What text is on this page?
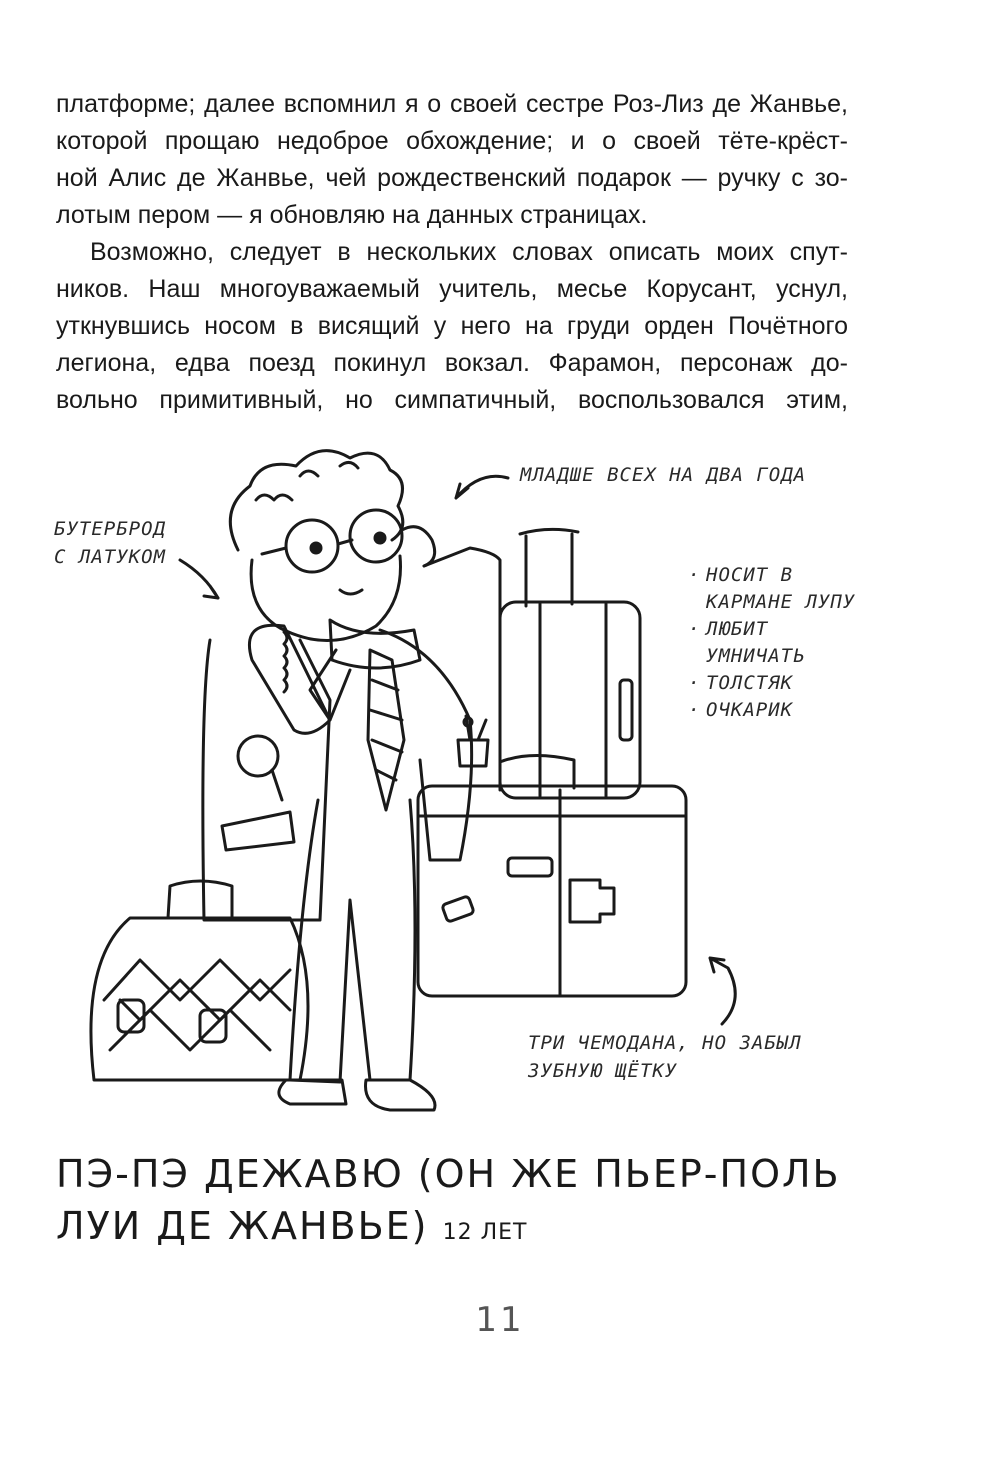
платформе; далее вспомнил я о своей сестре Роз-Лиз де Жанвье,

которой прощаю недоброе обхождение; и о своей тёте-крёст-

ной Алис де Жанвье, чей рождественский подарок — ручку с зо-

лотым пером — я обновляю на данных страницах.

Возможно, следует в нескольких словах описать моих спут-

ников. Наш многоуважаемый учитель, месье Корусант, уснул,

уткнувшись носом в висящий у него на груди орден Почётного

легиона, едва поезд покинул вокзал. Фарамон, персонаж до-

вольно примитивный, но симпатичный, воспользовался этим,

МЛАДШЕ ВСЕХ НА ДВА ГОДА

БУТЕРБРОД

С ЛАТУКОМ

· НОСИТ В КАРМАНЕ ЛУПУ
· ЛЮБИТ УМНИЧАТЬ
· ТОЛСТЯК
· ОЧКАРИК

ТРИ ЧЕМОДАНА, НО ЗАБЫЛ

ЗУБНУЮ ЩЁТКУ

ПЭ-ПЭ ДЕЖАВЮ (ОН ЖЕ ПЬЕР-ПОЛЬ
ЛУИ ДЕ ЖАНВЬЕ) 12 ЛЕТ
11
